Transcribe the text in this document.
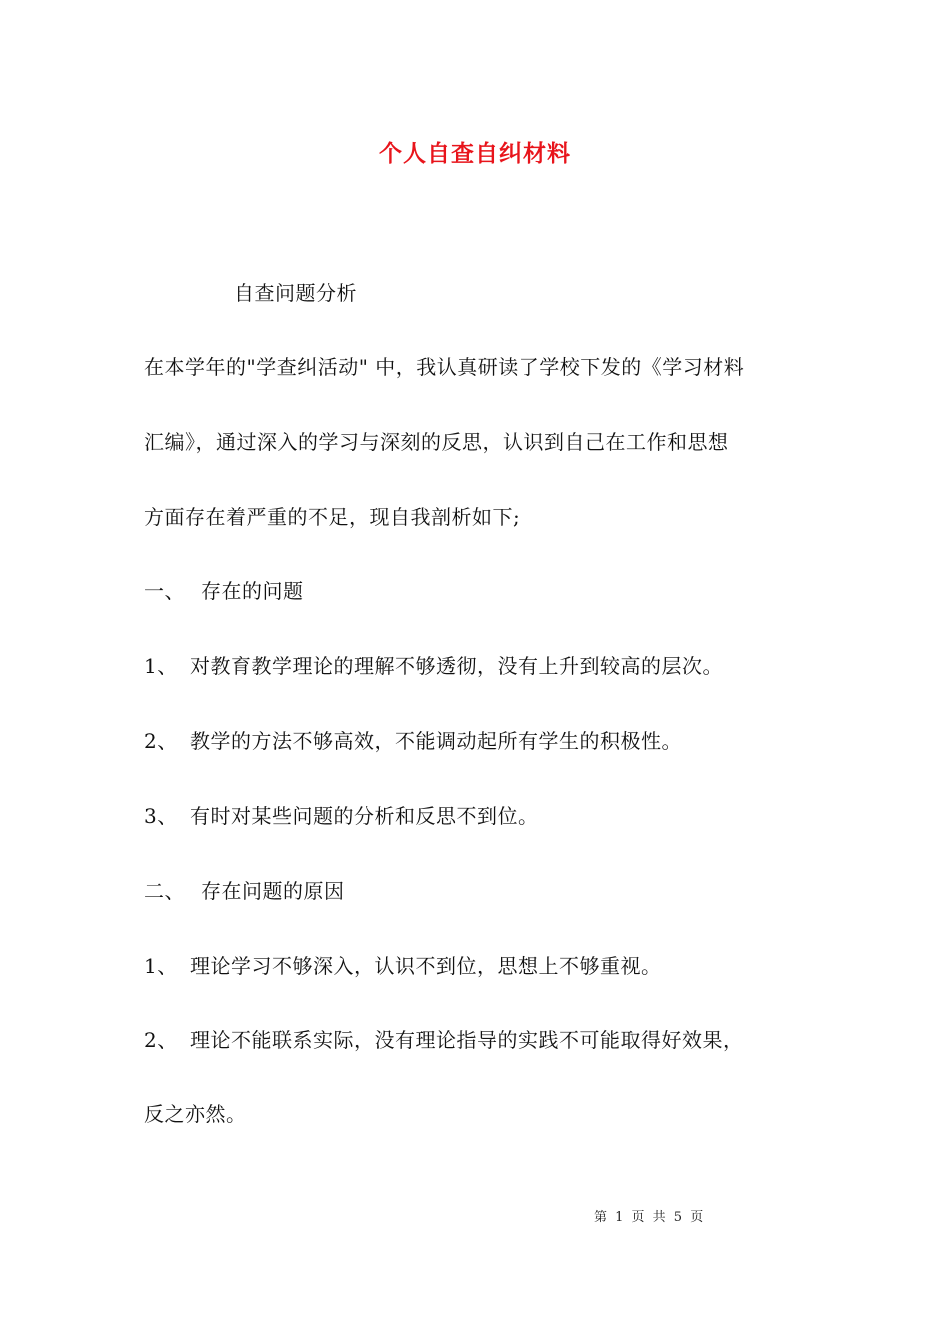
个人自查自纠材料
自查问题分析
在本学年的"学查纠活动" 中，我认真研读了学校下发的《学习材料
汇编》，通过深入的学习与深刻的反思，认识到自己在工作和思想
方面存在着严重的不足，现自我剖析如下;
一、 存在的问题
1、 对教育教学理论的理解不够透彻，没有上升到较高的层次。
2、 教学的方法不够高效，不能调动起所有学生的积极性。
3、 有时对某些问题的分析和反思不到位。
二、 存在问题的原因
1、 理论学习不够深入，认识不到位，思想上不够重视。
2、 理论不能联系实际，没有理论指导的实践不可能取得好效果，
反之亦然。
第 1 页 共 5 页
